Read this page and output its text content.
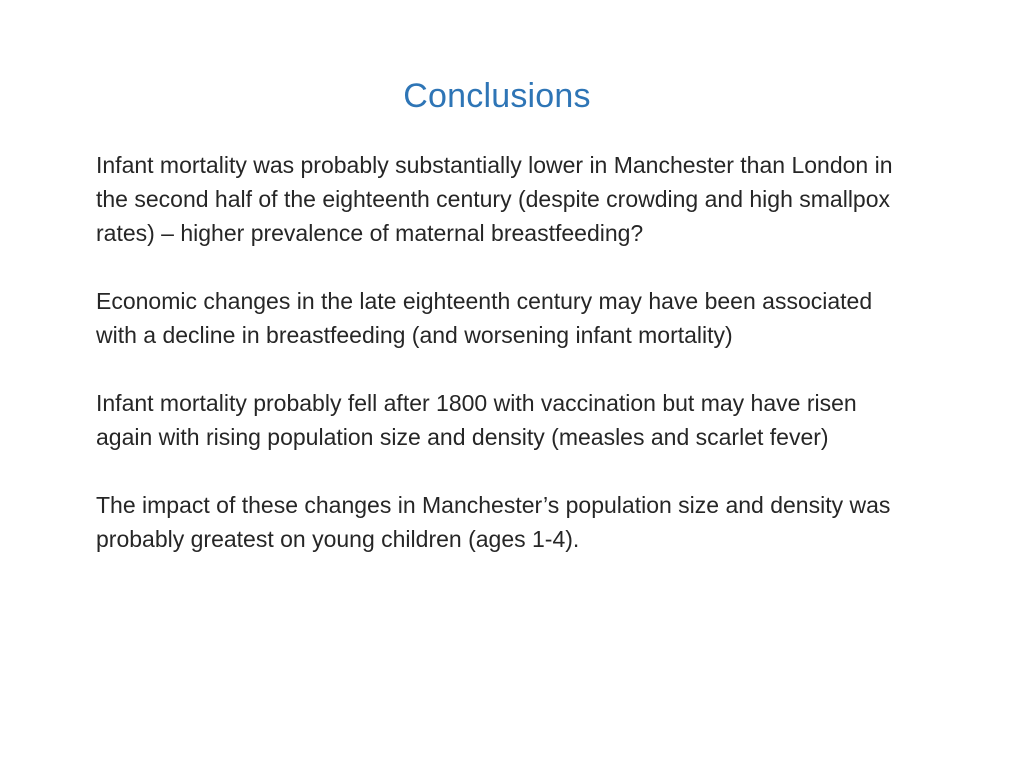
Conclusions

Infant mortality was probably substantially lower in Manchester than London in the second half of the eighteenth century (despite crowding and high smallpox rates) – higher prevalence of maternal breastfeeding?

Economic changes in the late eighteenth century may have been associated with a decline in breastfeeding (and worsening infant mortality)

Infant mortality probably fell after 1800 with vaccination but may have risen again with rising population size and density (measles and scarlet fever)

The impact of these changes in Manchester’s population size and density was probably greatest on young children (ages 1-4).
